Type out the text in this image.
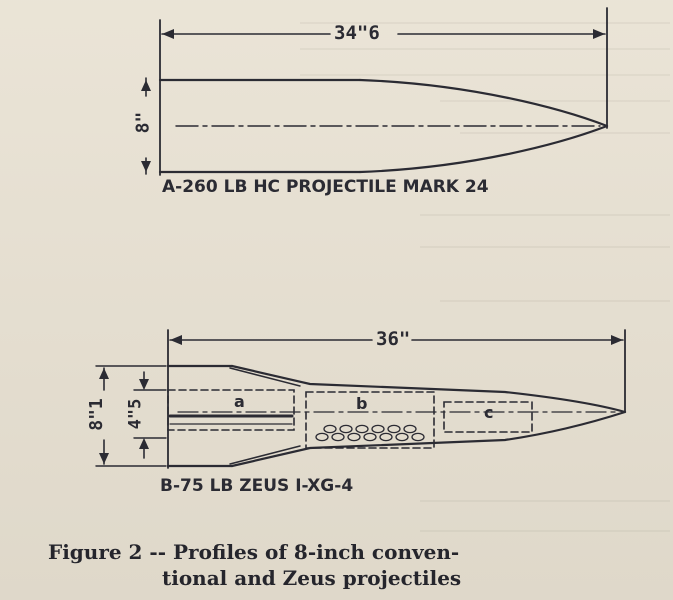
34"6
8"
A-260 LB HC PROJECTILE MARK 24
36"
8"1 4"5	a	b	c
B-75 LB ZEUS I-XG-4
Figure 2 -- Profiles of 8-inch conven-
tional and Zeus projectiles
